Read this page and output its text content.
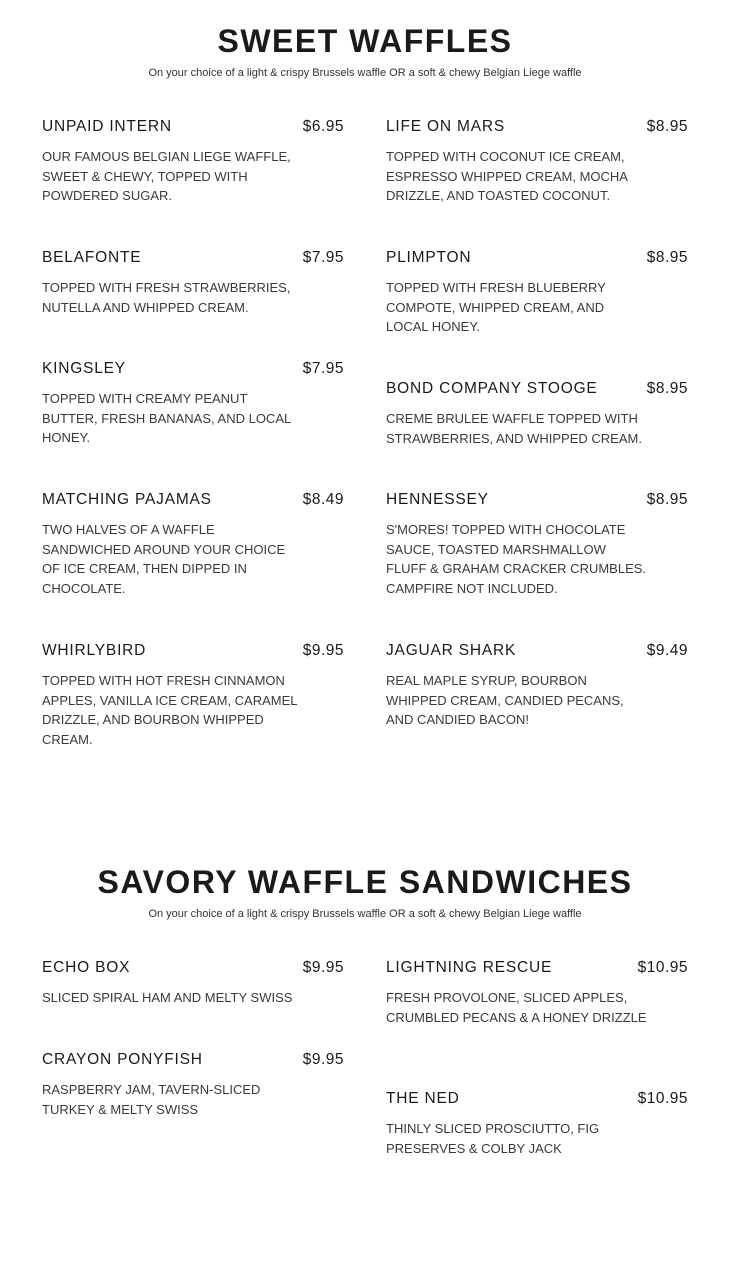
SWEET WAFFLES

On your choice of a light & crispy Brussels waffle OR a soft & chewy Belgian Liege waffle

UNPAID INTERN	$6.95
OUR FAMOUS BELGIAN LIEGE WAFFLE, SWEET & CHEWY, TOPPED WITH POWDERED SUGAR.
BELAFONTE	$7.95
TOPPED WITH FRESH STRAWBERRIES, NUTELLA AND WHIPPED CREAM.
KINGSLEY	$7.95
TOPPED WITH CREAMY PEANUT BUTTER, FRESH BANANAS, AND LOCAL HONEY.
MATCHING PAJAMAS	$8.49
TWO HALVES OF A WAFFLE SANDWICHED AROUND YOUR CHOICE OF ICE CREAM, THEN DIPPED IN CHOCOLATE.
WHIRLYBIRD	$9.95
TOPPED WITH HOT FRESH CINNAMON APPLES, VANILLA ICE CREAM, CARAMEL DRIZZLE, AND BOURBON WHIPPED CREAM.
LIFE ON MARS	$8.95
TOPPED WITH COCONUT ICE CREAM, ESPRESSO WHIPPED CREAM, MOCHA DRIZZLE, AND TOASTED COCONUT.
PLIMPTON	$8.95
TOPPED WITH FRESH BLUEBERRY COMPOTE, WHIPPED CREAM, AND LOCAL HONEY.
BOND COMPANY STOOGE	$8.95
CREME BRULEE WAFFLE TOPPED WITH STRAWBERRIES, AND WHIPPED CREAM.
HENNESSEY	$8.95
S'MORES! TOPPED WITH CHOCOLATE SAUCE, TOASTED MARSHMALLOW FLUFF & GRAHAM CRACKER CRUMBLES. CAMPFIRE NOT INCLUDED.
JAGUAR SHARK	$9.49
REAL MAPLE SYRUP, BOURBON WHIPPED CREAM, CANDIED PECANS, AND CANDIED BACON!
SAVORY WAFFLE SANDWICHES

On your choice of a light & crispy Brussels waffle OR a soft & chewy Belgian Liege waffle

ECHO BOX	$9.95
SLICED SPIRAL HAM AND MELTY SWISS
CRAYON PONYFISH	$9.95
RASPBERRY JAM, TAVERN-SLICED TURKEY & MELTY SWISS
LIGHTNING RESCUE	$10.95
FRESH PROVOLONE, SLICED APPLES, CRUMBLED PECANS & A HONEY DRIZZLE
THE NED	$10.95
THINLY SLICED PROSCIUTTO, FIG PRESERVES & COLBY JACK
